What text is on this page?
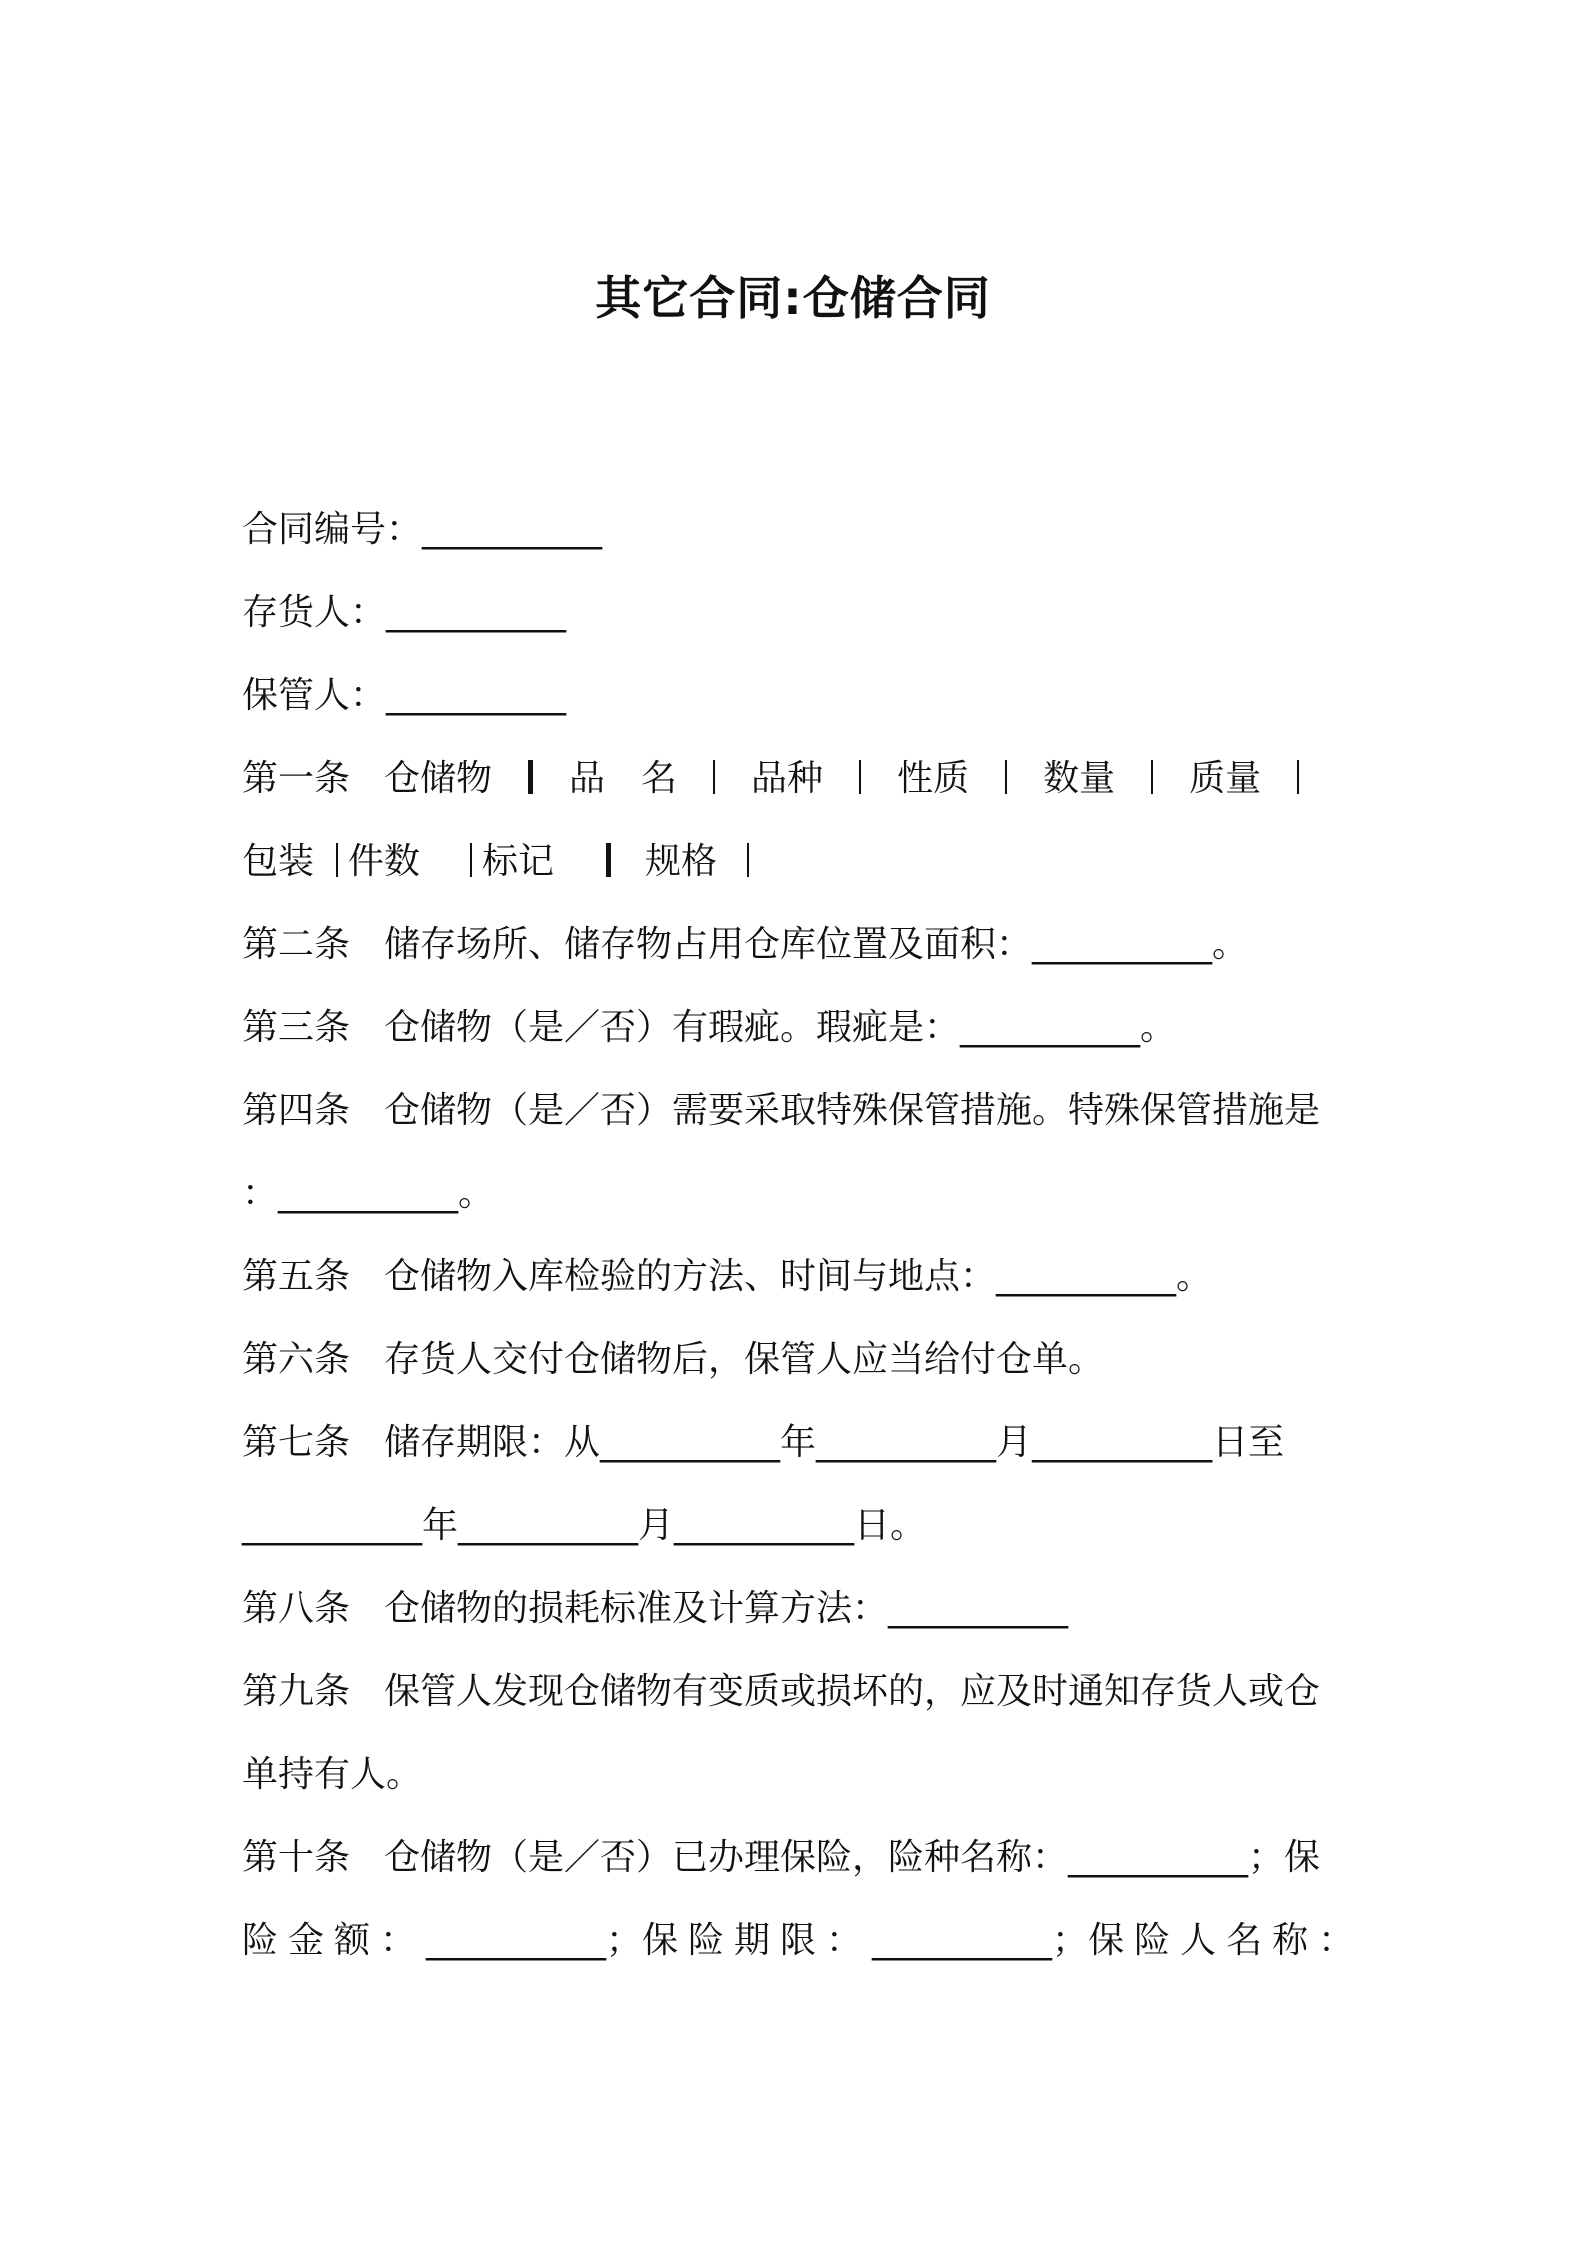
其它合同:仓储合同
合同编号：__________
存货人：__________
保管人：__________
第一条 仓储物 品　名 品种 性质 数量 质量
包装 件数 标记	规格
第二条 储存场所、储存物占用仓库位置及面积：__________。
第三条 仓储物（是／否）有瑕疵。瑕疵是：__________。
第四条 仓储物（是／否）需要采取特殊保管措施。特殊保管措施是
：__________。
第五条 仓储物入库检验的方法、时间与地点：__________。
第六条 存货人交付仓储物后，保管人应当给付仓单。
第七条 储存期限：从__________年__________月__________日至
__________年__________月__________日。
第八条 仓储物的损耗标准及计算方法：__________
第九条 保管人发现仓储物有变质或损坏的，应及时通知存货人或仓
单持有人。
第十条 仓储物（是／否）已办理保险，险种名称：__________；保
险金额：__________；保险期限：__________；保险人名称：
